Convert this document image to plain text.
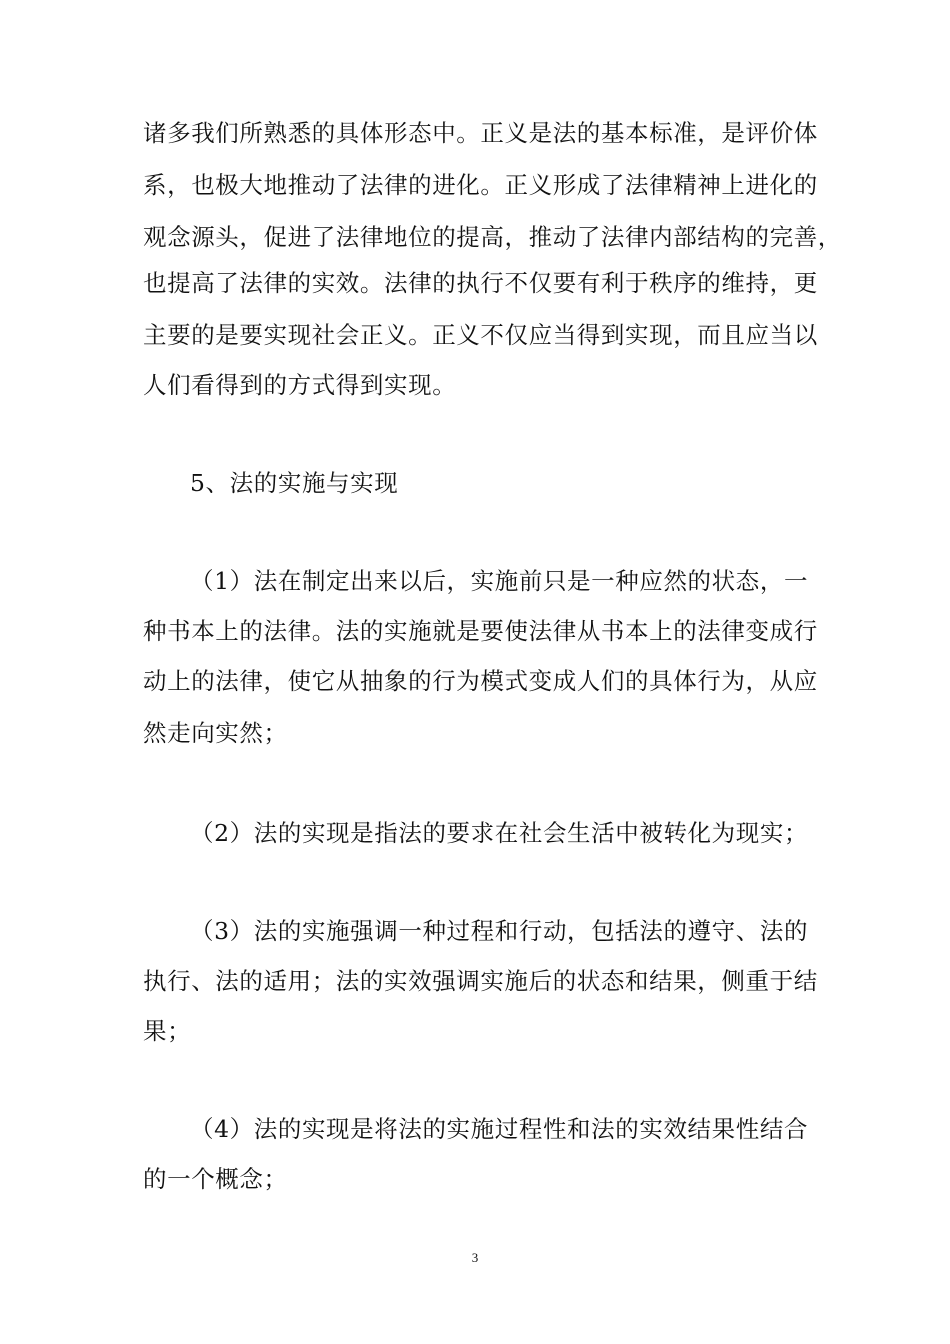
诸多我们所熟悉的具体形态中。正义是法的基本标准，是评价体
系，也极大地推动了法律的进化。正义形成了法律精神上进化的
观念源头，促进了法律地位的提高，推动了法律内部结构的完善，
也提高了法律的实效。法律的执行不仅要有利于秩序的维持，更
主要的是要实现社会正义。正义不仅应当得到实现，而且应当以
人们看得到的方式得到实现。
5、法的实施与实现
（1）法在制定出来以后，实施前只是一种应然的状态，一
种书本上的法律。法的实施就是要使法律从书本上的法律变成行
动上的法律，使它从抽象的行为模式变成人们的具体行为，从应
然走向实然；
（2）法的实现是指法的要求在社会生活中被转化为现实；
（3）法的实施强调一种过程和行动，包括法的遵守、法的
执行、法的适用；法的实效强调实施后的状态和结果，侧重于结
果；
（4）法的实现是将法的实施过程性和法的实效结果性结合
的一个概念；
3
